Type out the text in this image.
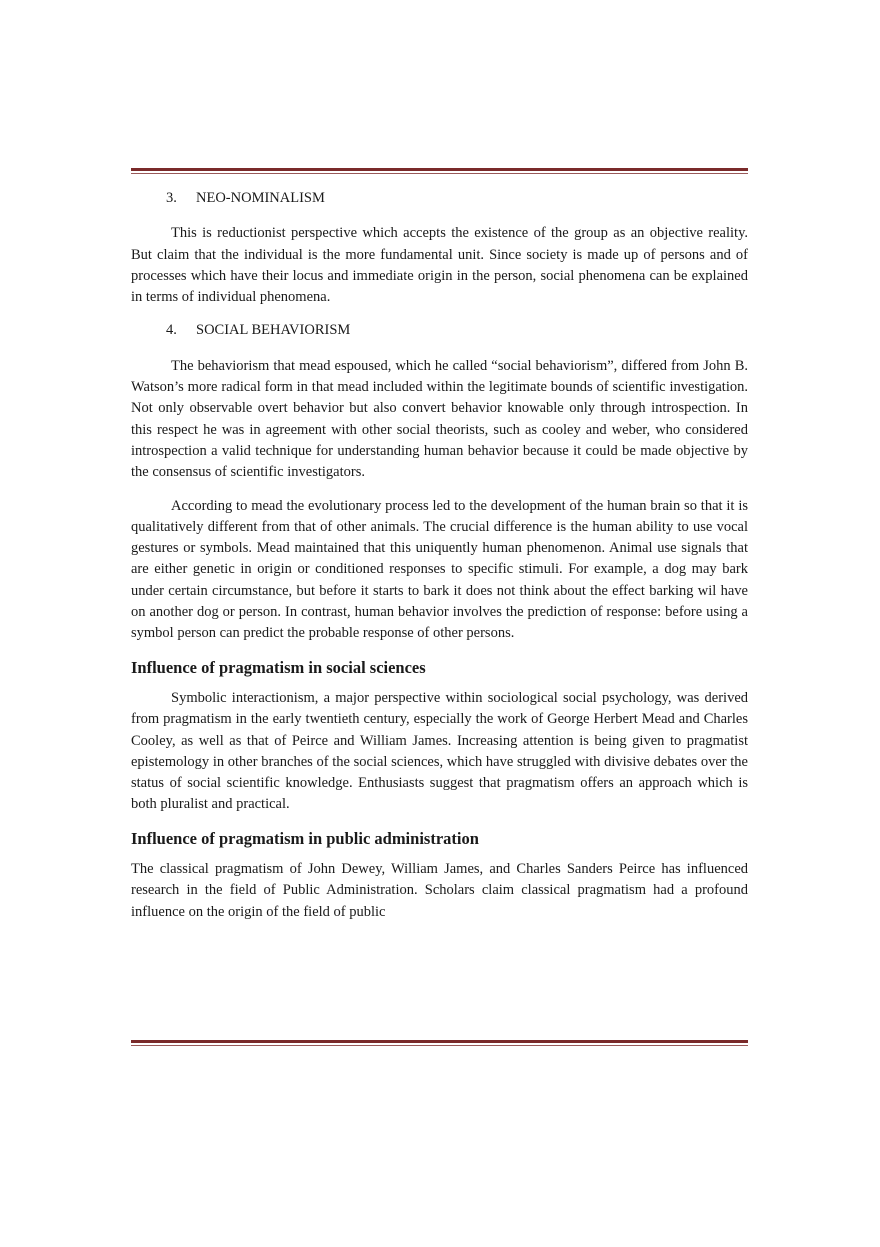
3. NEO-NOMINALISM

This is reductionist perspective which accepts the existence of the group as an objective reality. But claim that the individual is the more fundamental unit. Since society is made up of persons and of processes which have their locus and immediate origin in the person, social phenomena can be explained in terms of individual phenomena.

4. SOCIAL BEHAVIORISM

The behaviorism that mead espoused, which he called “social behaviorism”, differed from John B. Watson’s more radical form in that mead included within the legitimate bounds of scientific investigation. Not only observable overt behavior but also convert behavior knowable only through introspection. In this respect he was in agreement with other social theorists, such as cooley and weber, who considered introspection a valid technique for understanding human behavior because it could be made objective by the consensus of scientific investigators.

According to mead the evolutionary process led to the development of the human brain so that it is qualitatively different from that of other animals. The crucial difference is the human ability to use vocal gestures or symbols. Mead maintained that this uniquently human phenomenon. Animal use signals that are either genetic in origin or conditioned responses to specific stimuli. For example, a dog may bark under certain circumstance, but before it starts to bark it does not think about the effect barking wil have on another dog or person. In contrast, human behavior involves the prediction of response: before using a symbol person can predict the probable response of other persons.

Influence of pragmatism in social sciences

Symbolic interactionism, a major perspective within sociological social psychology, was derived from pragmatism in the early twentieth century, especially the work of George Herbert Mead and Charles Cooley, as well as that of Peirce and William James. Increasing attention is being given to pragmatist epistemology in other branches of the social sciences, which have struggled with divisive debates over the status of social scientific knowledge. Enthusiasts suggest that pragmatism offers an approach which is both pluralist and practical.

Influence of pragmatism in public administration

The classical pragmatism of John Dewey, William James, and Charles Sanders Peirce has influenced research in the field of Public Administration. Scholars claim classical pragmatism had a profound influence on the origin of the field of public
